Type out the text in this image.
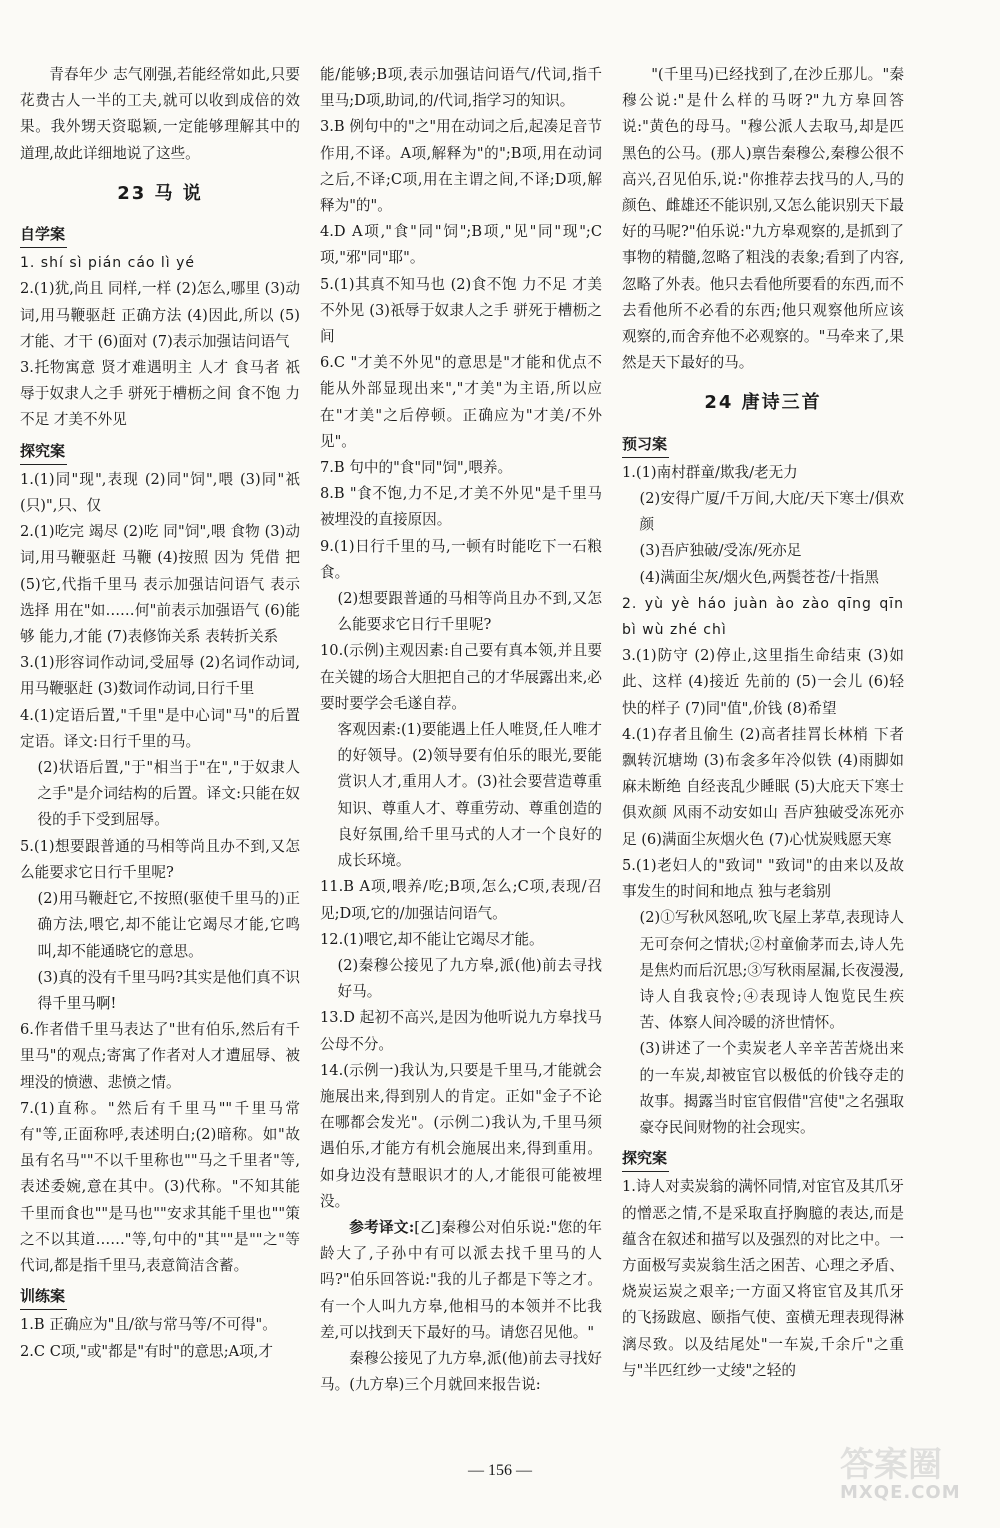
青春年少 志气刚强,若能经常如此,只要花费古人一半的工夫,就可以收到成倍的效果。我外甥天资聪颖,一定能够理解其中的道理,故此详细地说了这些。

23 马 说
自学案

1. shí sì pián cáo lì yé

2.(1)犹,尚且 同样,一样 (2)怎么,哪里 (3)动词,用马鞭驱赶 正确方法 (4)因此,所以 (5)才能、才干 (6)面对 (7)表示加强诘问语气

3.托物寓意 贤才难遇明主 人才 食马者 祇辱于奴隶人之手 骈死于槽枥之间 食不饱 力不足 才美不外见

探究案

1.(1)同"现",表现 (2)同"饲",喂 (3)同"祇(只)",只、仅

2.(1)吃完 竭尽 (2)吃 同"饲",喂 食物 (3)动词,用马鞭驱赶 马鞭 (4)按照 因为 凭借 把 (5)它,代指千里马 表示加强诘问语气 表示选择 用在"如……何"前表示加强语气 (6)能够 能力,才能 (7)表修饰关系 表转折关系

3.(1)形容词作动词,受屈辱 (2)名词作动词,用马鞭驱赶 (3)数词作动词,日行千里

4.(1)定语后置,"千里"是中心词"马"的后置定语。译文:日行千里的马。

(2)状语后置,"于"相当于"在","于奴隶人之手"是介词结构的后置。译文:只能在奴役的手下受到屈辱。

5.(1)想要跟普通的马相等尚且办不到,又怎么能要求它日行千里呢?

(2)用马鞭赶它,不按照(驱使千里马的)正确方法,喂它,却不能让它竭尽才能,它鸣叫,却不能通晓它的意思。

(3)真的没有千里马吗?其实是他们真不识得千里马啊!

6.作者借千里马表达了"世有伯乐,然后有千里马"的观点;寄寓了作者对人才遭屈辱、被埋没的愤懑、悲愤之情。

7.(1)直称。"然后有千里马""千里马常有"等,正面称呼,表述明白;(2)暗称。如"故虽有名马""不以千里称也""马之千里者"等,表述委婉,意在其中。(3)代称。"不知其能千里而食也""是马也""安求其能千里也""策之不以其道……"等,句中的"其""是""之"等代词,都是指千里马,表意简洁含蓄。

训练案

1.B 正确应为"且/欲与常马等/不可得"。

2.C C项,"或"都是"有时"的意思;A项,才

能/能够;B项,表示加强诘问语气/代词,指千里马;D项,助词,的/代词,指学习的知识。

3.B 例句中的"之"用在动词之后,起凑足音节作用,不译。A项,解释为"的";B项,用在动词之后,不译;C项,用在主谓之间,不译;D项,解释为"的"。

4.D A项,"食"同"饲";B项,"见"同"现";C项,"邪"同"耶"。

5.(1)其真不知马也 (2)食不饱 力不足 才美不外见 (3)祇辱于奴隶人之手 骈死于槽枥之间

6.C "才美不外见"的意思是"才能和优点不能从外部显现出来","才美"为主语,所以应在"才美"之后停顿。正确应为"才美/不外见"。

7.B 句中的"食"同"饲",喂养。

8.B "食不饱,力不足,才美不外见"是千里马被埋没的直接原因。

9.(1)日行千里的马,一顿有时能吃下一石粮食。

(2)想要跟普通的马相等尚且办不到,又怎么能要求它日行千里呢?

10.(示例)主观因素:自己要有真本领,并且要在关键的场合大胆把自己的才华展露出来,必要时要学会毛遂自荐。

客观因素:(1)要能遇上任人唯贤,任人唯才的好领导。(2)领导要有伯乐的眼光,要能赏识人才,重用人才。(3)社会要营造尊重知识、尊重人才、尊重劳动、尊重创造的良好氛围,给千里马式的人才一个良好的成长环境。

11.B A项,喂养/吃;B项,怎么;C项,表现/召见;D项,它的/加强诘问语气。

12.(1)喂它,却不能让它竭尽才能。

(2)秦穆公接见了九方皋,派(他)前去寻找好马。

13.D 起初不高兴,是因为他听说九方皋找马公母不分。

14.(示例一)我认为,只要是千里马,才能就会施展出来,得到别人的肯定。正如"金子不论在哪都会发光"。(示例二)我认为,千里马须遇伯乐,才能方有机会施展出来,得到重用。如身边没有慧眼识才的人,才能很可能被埋没。

参考译文:[乙]秦穆公对伯乐说:"您的年龄大了,子孙中有可以派去找千里马的人吗?"伯乐回答说:"我的儿子都是下等之才。有一个人叫九方皋,他相马的本领并不比我差,可以找到天下最好的马。请您召见他。"

秦穆公接见了九方皋,派(他)前去寻找好马。(九方皋)三个月就回来报告说:

"(千里马)已经找到了,在沙丘那儿。"秦穆公说:"是什么样的马呀?"九方皋回答说:"黄色的母马。"穆公派人去取马,却是匹黑色的公马。(那人)禀告秦穆公,秦穆公很不高兴,召见伯乐,说:"你推荐去找马的人,马的颜色、雌雄还不能识别,又怎么能识别天下最好的马呢?"伯乐说:"九方皋观察的,是抓到了事物的精髓,忽略了粗浅的表象;看到了内容,忽略了外表。他只去看他所要看的东西,而不去看他所不必看的东西;他只观察他所应该观察的,而舍弃他不必观察的。"马牵来了,果然是天下最好的马。

24 唐诗三首
预习案

1.(1)南村群童/欺我/老无力

(2)安得广厦/千万间,大庇/天下寒士/俱欢颜

(3)吾庐独破/受冻/死亦足

(4)满面尘灰/烟火色,两鬓苍苍/十指黑

2. yù yè háo juàn ào zào qīng qīn bì wù zhé chì

3.(1)防守 (2)停止,这里指生命结束 (3)如此、这样 (4)接近 先前的 (5)一会儿 (6)轻快的样子 (7)同"值",价钱 (8)希望

4.(1)存者且偷生 (2)高者挂罥长林梢 下者飘转沉塘坳 (3)布衾多年冷似铁 (4)雨脚如麻未断绝 自经丧乱少睡眠 (5)大庇天下寒士俱欢颜 风雨不动安如山 吾庐独破受冻死亦足 (6)满面尘灰烟火色 (7)心忧炭贱愿天寒

5.(1)老妇人的"致词" "致词"的由来以及故事发生的时间和地点 独与老翁别

(2)①写秋风怒吼,吹飞屋上茅草,表现诗人无可奈何之情状;②村童偷茅而去,诗人先是焦灼而后沉思;③写秋雨屋漏,长夜漫漫,诗人自我哀怜;④表现诗人饱览民生疾苦、体察人间冷暖的济世情怀。

(3)讲述了一个卖炭老人辛辛苦苦烧出来的一车炭,却被宦官以极低的价钱夺走的故事。揭露当时宦官假借"宫使"之名强取豪夺民间财物的社会现实。

探究案

1.诗人对卖炭翁的满怀同情,对宦官及其爪牙的憎恶之情,不是采取直抒胸臆的表达,而是蕴含在叙述和描写以及强烈的对比之中。一方面极写卖炭翁生活之困苦、心理之矛盾、烧炭运炭之艰辛;一方面又将宦官及其爪牙的飞扬跋扈、颐指气使、蛮横无理表现得淋漓尽致。以及结尾处"一车炭,千余斤"之重与"半匹红纱一丈绫"之轻的

— 156 —	答案圈
MXQE.COM
